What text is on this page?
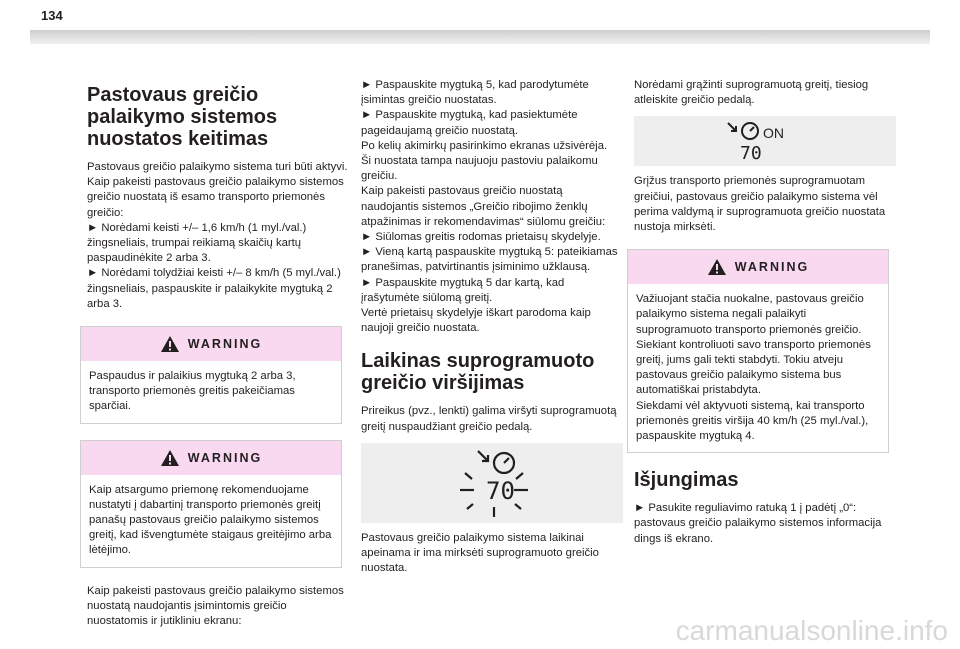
134
Pastovaus greičio palaikymo sistemos nuostatos keitimas

Pastovaus greičio palaikymo sistema turi būti aktyvi.
Kaip pakeisti pastovaus greičio palaikymo sistemos greičio nuostatą iš esamo transporto priemonės greičio:
► Norėdami keisti +/– 1,6 km/h (1 myl./val.) žingsneliais, trumpai reikiamą skaičių kartų paspaudinėkite 2 arba 3.
► Norėdami tolydžiai keisti +/– 8 km/h (5 myl./val.) žingsneliais, paspauskite ir palaikykite mygtuką 2 arba 3.

WARNING

Paspaudus ir palaikius mygtuką 2 arba 3, transporto priemonės greitis pakeičiamas sparčiai.

WARNING

Kaip atsargumo priemonę rekomenduojame nustatyti į dabartinį transporto priemonės greitį panašų pastovaus greičio palaikymo sistemos greitį, kad išvengtumėte staigaus greitėjimo arba lėtėjimo.

Kaip pakeisti pastovaus greičio palaikymo sistemos nuostatą naudojantis įsimintomis greičio nuostatomis ir jutikliniu ekranu:

► Paspauskite mygtuką 5, kad parodytumėte įsimintas greičio nuostatas.
► Paspauskite mygtuką, kad pasiektumėte pageidaujamą greičio nuostatą.
Po kelių akimirkų pasirinkimo ekranas užsivėrėja.
Ši nuostata tampa naujuoju pastoviu palaikomu greičiu.
Kaip pakeisti pastovaus greičio nuostatą naudojantis sistemos „Greičio ribojimo ženklų atpažinimas ir rekomendavimas“ siūlomu greičiu:
► Siūlomas greitis rodomas prietaisų skydelyje.
► Vieną kartą paspauskite mygtuką 5: pateikiamas pranešimas, patvirtinantis įsiminimo užklausą.
► Paspauskite mygtuką 5 dar kartą, kad įrašytumėte siūlomą greitį.
Vertė prietaisų skydelyje iškart parodoma kaip naujoji greičio nuostata.

Laikinas suprogramuoto greičio viršijimas

Prireikus (pvz., lenkti) galima viršyti suprogramuotą greitį nuspaudžiant greičio pedalą.

70

Pastovaus greičio palaikymo sistema laikinai apeinama ir ima mirksėti suprogramuoto greičio nuostata.

Norėdami grąžinti suprogramuotą greitį, tiesiog atleiskite greičio pedalą.

ON
70

Grįžus transporto priemonės suprogramuotam greičiui, pastovaus greičio palaikymo sistema vėl perima valdymą ir suprogramuota greičio nuostata nustoja mirksėti.

WARNING

Važiuojant stačia nuokalne, pastovaus greičio palaikymo sistema negali palaikyti suprogramuoto transporto priemonės greičio.
Siekiant kontroliuoti savo transporto priemonės greitį, jums gali tekti stabdyti. Tokiu atveju pastovaus greičio palaikymo sistema bus automatiškai pristabdyta.
Siekdami vėl aktyvuoti sistemą, kai transporto priemonės greitis viršija 40 km/h (25 myl./val.), paspauskite mygtuką 4.

Išjungimas

► Pasukite reguliavimo ratuką 1 į padėtį „0“: pastovaus greičio palaikymo sistemos informacija dings iš ekrano.

carmanualsonline.info
